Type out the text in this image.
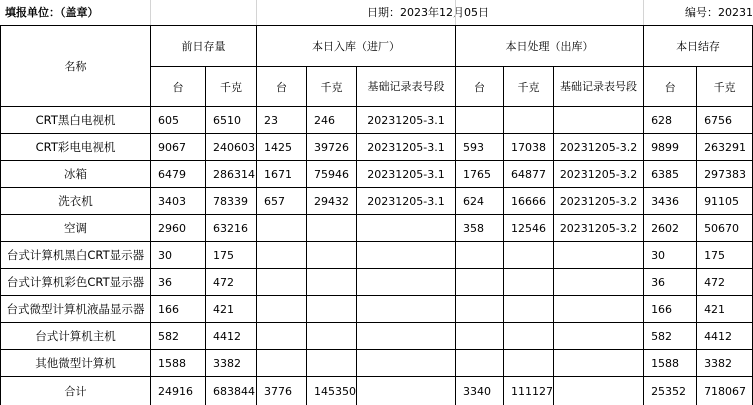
填报单位：（盖章）	日期：2023年12月05日	编号：20231
名称	前日存量		本日入库（进厂）			本日处理（出库）			本日结存		
	台	千克	台	千克	基础记录表号段	台	千克	基础记录表号段	台	千克	
CRT黑白电视机	605	6510	23	246	20231205-3.1				628	6756	
CRT彩电电视机	9067	240603	1425	39726	20231205-3.1	593	17038	20231205-3.2	9899	263291	
冰箱	6479	286314	1671	75946	20231205-3.1	1765	64877	20231205-3.2	6385	297383	
洗衣机	3403	78339	657	29432	20231205-3.1	624	16666	20231205-3.2	3436	91105	
空调	2960	63216				358	12546	20231205-3.2	2602	50670	
台式计算机黑白CRT显示器	30	175							30	175	
台式计算机彩色CRT显示器	36	472							36	472	
台式微型计算机液晶显示器	166	421							166	421	
台式计算机主机	582	4412							582	4412	
其他微型计算机	1588	3382							1588	3382	
合计	24916	683844	3776	145350		3340	111127		25352	718067	
